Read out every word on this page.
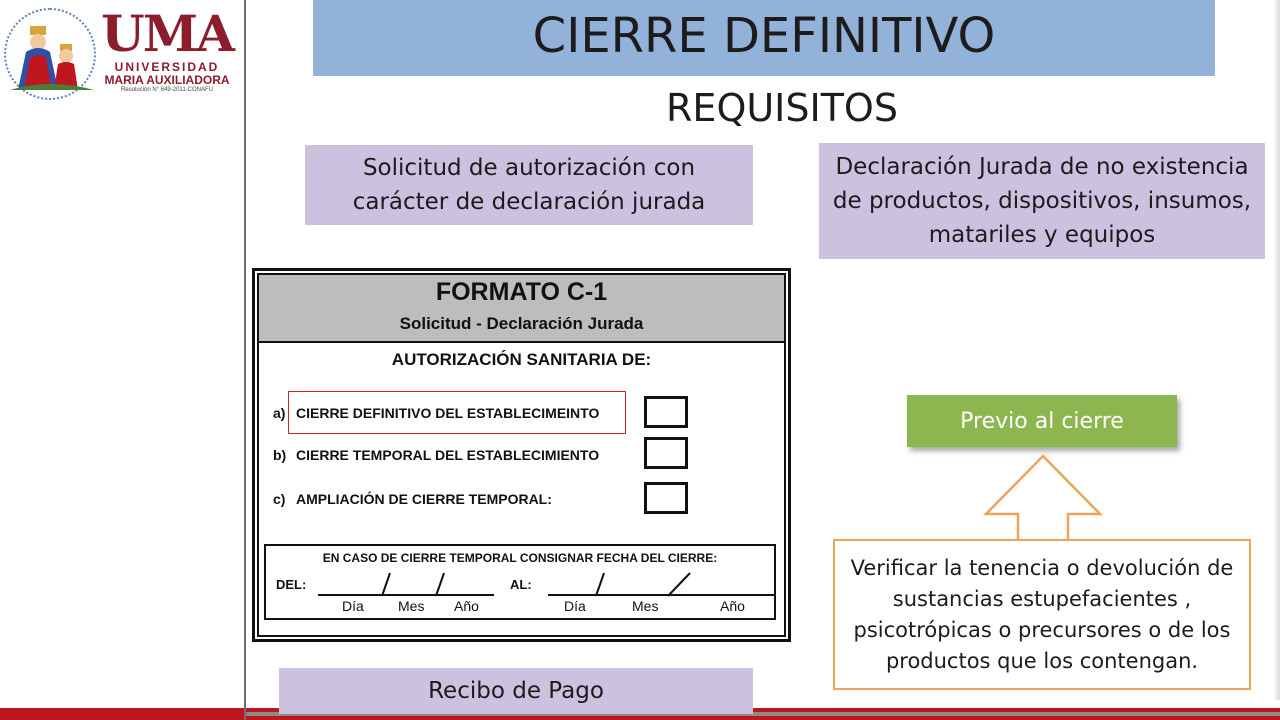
UMA
UNIVERSIDAD
MARIA AUXILIADORA
Resolución N° 649-2011-CONAFU
CIERRE DEFINITIVO
REQUISITOS
Solicitud de autorización con carácter de declaración jurada
Declaración Jurada de no existencia de productos, dispositivos, insumos, matariles y equipos
Recibo de Pago
FORMATO C-1
Solicitud - Declaración Jurada
AUTORIZACIÓN SANITARIA DE:
a) CIERRE DEFINITIVO DEL ESTABLECIMEINTO
b) CIERRE TEMPORAL DEL ESTABLECIMIENTO
c) AMPLIACIÓN DE CIERRE TEMPORAL:
EN CASO DE CIERRE TEMPORAL CONSIGNAR FECHA DEL CIERRE:
DEL:	AL:
Día Mes Año	Día	Mes	Año
Previo al cierre
Verificar la tenencia o devolución de sustancias estupefacientes , psicotrópicas o precursores o de los productos que los contengan.
